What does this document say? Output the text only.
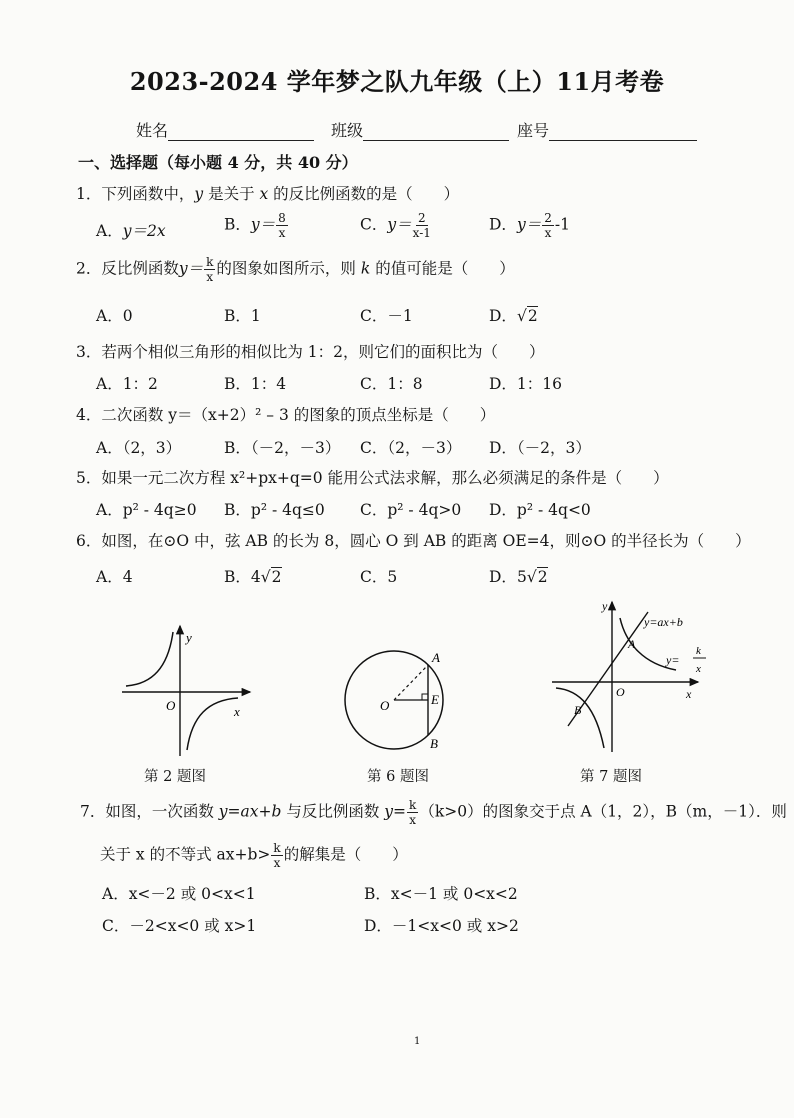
2023-2024 学年梦之队九年级（上）11月考卷
姓名	班级	座号
一、选择题（每小题 4 分，共 40 分）
1．下列函数中，y 是关于 x 的反比例函数的是（　　）
A．y＝2x	B．$y= \frac{8}{x}$	C．$y= \frac{2}{x-1}$	D．$y= \frac{2}{x} -1$
2．反比例函数$y= \frac{k}{x}$ 的图象如图所示，则 k 的值可能是（　　）
A．0	B．1	C．－1	D．√2
3．若两个相似三角形的相似比为 1：2，则它们的面积比为（　　）
A．1：2	B．1：4	C．1：8	D．1：16
4．二次函数 y＝（x+2）² – 3 的图象的顶点坐标是（　　）
A．（2，3）	B．（－2，－3） C．（2，－3） D．（－2，3）
5．如果一元二次方程 x²+px+q=0 能用公式法求解，那么必须满足的条件是（　　）
A．p² - 4q≥0 B．p² - 4q≤0 C．p² - 4q>0 D．p² - 4q<0
6．如图，在⊙O 中，弦 AB 的长为 8，圆心 O 到 AB 的距离 OE=4，则⊙O 的半径长为（　　）
A．4	B．4√2	C．5	D．5√2
y
O	x
第 2 题图
A
O	E
B
第 6 题图
y
y=ax+b
A
y=
k
x
O
B
x
第 7 题图
7．如图，一次函数 y=ax+b 与反比例函数 $y= \frac{k}{x} (k>0)$的图象交于点 A（1，2），B（m，－1）．则
关于 x 的不等式 $ax+b> \frac{k}{x}$ 的解集是（　　）
A．x<－2 或 0<x<1	B．x<－1 或 0<x<2
C．－2<x<0 或 x>1	D．－1<x<0 或 x>2
1
